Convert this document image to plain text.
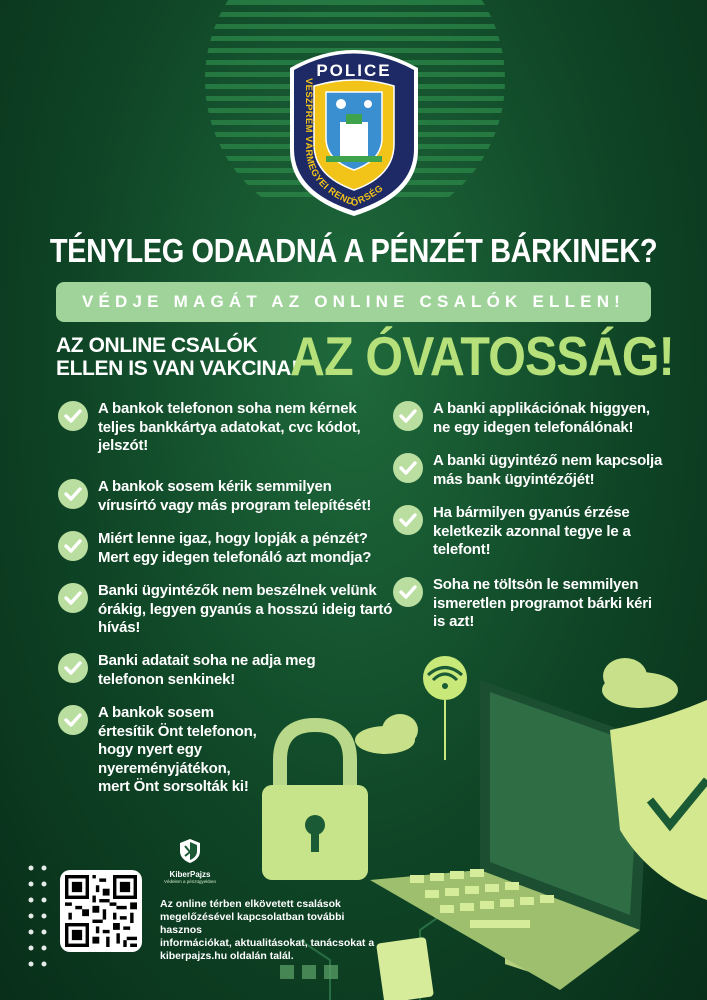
POLICE
VESZPRÉM VÁRMEGYEI RENDŐRSÉG
TÉNYLEG ODAADNÁ A PÉNZÉT BÁRKINEK?
VÉDJE MAGÁT AZ ONLINE CSALÓK ELLEN!
AZ ONLINE CSALÓK
ELLEN IS VAN VAKCINA!
AZ ÓVATOSSÁG!
A bankok telefonon soha nem kérnek
teljes bankkártya adatokat, cvc kódot,
jelszót!
A bankok sosem kérik semmilyen
vírusírtó vagy más program telepítését!
Miért lenne igaz, hogy lopják a pénzét?
Mert egy idegen telefonáló azt mondja?
Banki ügyintézők nem beszélnek velünk
órákig, legyen gyanús a hosszú ideig tartó
hívás!
Banki adatait soha ne adja meg
telefonon senkinek!
A bankok sosem
értesítik Önt telefonon,
hogy nyert egy
nyereményjátékon,
mert Önt sorsolták ki!
A banki applikációnak higgyen,
ne egy idegen telefonálónak!
A banki ügyintéző nem kapcsolja
más bank ügyintézőjét!
Ha bármilyen gyanús érzése
keletkezik azonnal tegye le a
telefont!
Soha ne töltsön le semmilyen
ismeretlen programot bárki kéri
is azt!
KiberPajzs
Védelem a pénzügyekben
Az online térben elkövetett csalások
megelőzésével kapcsolatban további hasznos
információkat, aktualitásokat, tanácsokat a
kiberpajzs.hu oldalán talál.
